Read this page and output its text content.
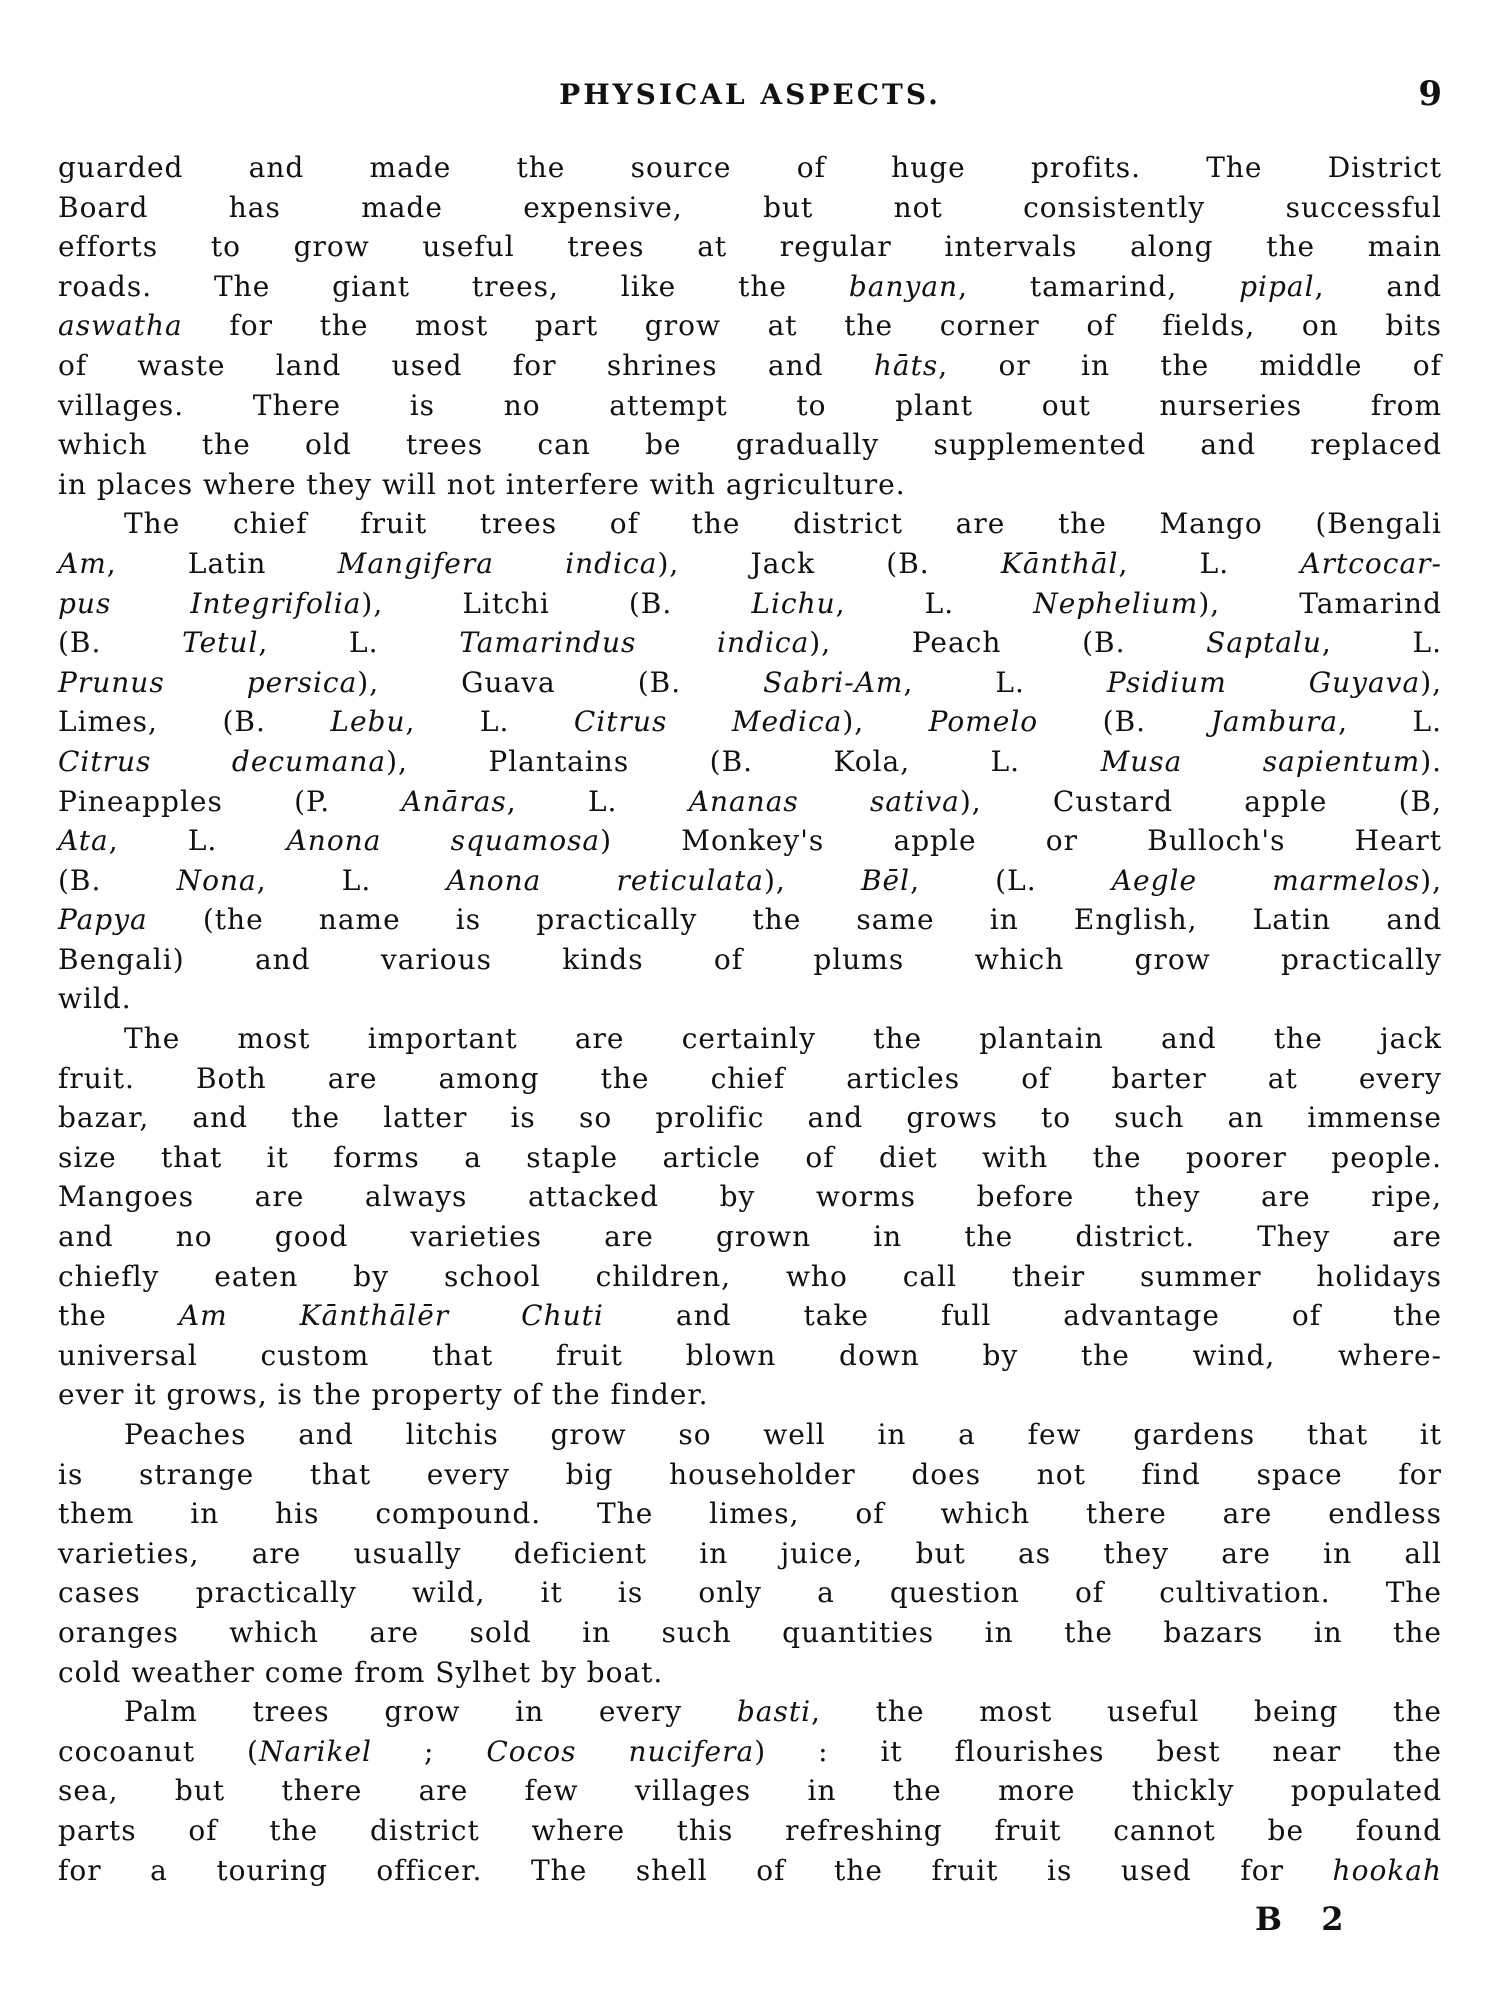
PHYSICAL ASPECTS.	9
guarded and made the source of huge profits. The District
Board has made expensive, but not consistently successful
efforts to grow useful trees at regular intervals along the main
roads. The giant trees, like the banyan, tamarind, pipal, and
aswatha for the most part grow at the corner of fields, on bits
of waste land used for shrines and hāts, or in the middle of
villages. There is no attempt to plant out nurseries from
which the old trees can be gradually supplemented and replaced
in places where they will not interfere with agriculture.
The chief fruit trees of the district are the Mango (Bengali
Am, Latin Mangifera indica), Jack (B. Kānthāl, L. Artcocar-
pus Integrifolia), Litchi (B. Lichu, L. Nephelium), Tamarind
(B. Tetul, L. Tamarindus indica), Peach (B. Saptalu, L.
Prunus persica), Guava (B. Sabri-Am, L. Psidium Guyava),
Limes, (B. Lebu, L. Citrus Medica), Pomelo (B. Jambura, L.
Citrus decumana), Plantains (B. Kola, L. Musa sapientum).
Pineapples (P. Anāras, L. Ananas sativa), Custard apple (B,
Ata, L. Anona squamosa) Monkey's apple or Bulloch's Heart
(B. Nona, L. Anona reticulata), Bēl, (L. Aegle marmelos),
Papya (the name is practically the same in English, Latin and
Bengali) and various kinds of plums which grow practically
wild.
The most important are certainly the plantain and the jack
fruit. Both are among the chief articles of barter at every
bazar, and the latter is so prolific and grows to such an immense
size that it forms a staple article of diet with the poorer people.
Mangoes are always attacked by worms before they are ripe,
and no good varieties are grown in the district. They are
chiefly eaten by school children, who call their summer holidays
the Am Kānthālēr Chuti and take full advantage of the
universal custom that fruit blown down by the wind, where-
ever it grows, is the property of the finder.
Peaches and litchis grow so well in a few gardens that it
is strange that every big householder does not find space for
them in his compound. The limes, of which there are endless
varieties, are usually deficient in juice, but as they are in all
cases practically wild, it is only a question of cultivation. The
oranges which are sold in such quantities in the bazars in the
cold weather come from Sylhet by boat.
Palm trees grow in every basti, the most useful being the
cocoanut (Narikel ; Cocos nucifera) : it flourishes best near the
sea, but there are few villages in the more thickly populated
parts of the district where this refreshing fruit cannot be found
for a touring officer. The shell of the fruit is used for hookah
B 2
